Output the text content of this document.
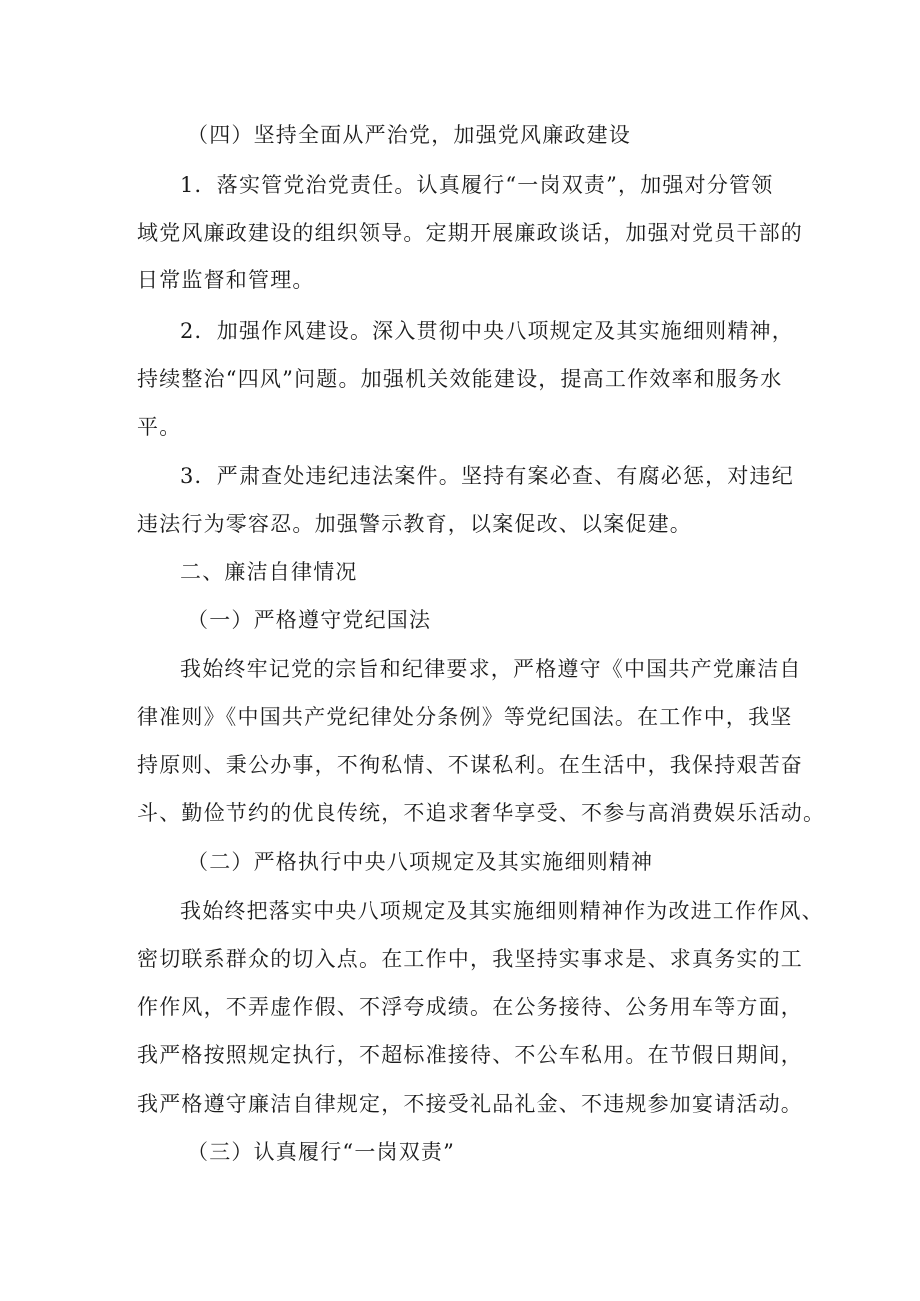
（四）坚持全面从严治党，加强党风廉政建设
1．落实管党治党责任。认真履行“一岗双责”，加强对分管领
域党风廉政建设的组织领导。定期开展廉政谈话，加强对党员干部的
日常监督和管理。
2．加强作风建设。深入贯彻中央八项规定及其实施细则精神，
持续整治“四风”问题。加强机关效能建设，提高工作效率和服务水
平。
3．严肃查处违纪违法案件。坚持有案必查、有腐必惩，对违纪
违法行为零容忍。加强警示教育，以案促改、以案促建。
二、廉洁自律情况
（一）严格遵守党纪国法
我始终牢记党的宗旨和纪律要求，严格遵守《中国共产党廉洁自
律准则》《中国共产党纪律处分条例》等党纪国法。在工作中，我坚
持原则、秉公办事，不徇私情、不谋私利。在生活中，我保持艰苦奋
斗、勤俭节约的优良传统，不追求奢华享受、不参与高消费娱乐活动。
（二）严格执行中央八项规定及其实施细则精神
我始终把落实中央八项规定及其实施细则精神作为改进工作作风、
密切联系群众的切入点。在工作中，我坚持实事求是、求真务实的工
作作风，不弄虚作假、不浮夸成绩。在公务接待、公务用车等方面，
我严格按照规定执行，不超标准接待、不公车私用。在节假日期间，
我严格遵守廉洁自律规定，不接受礼品礼金、不违规参加宴请活动。
（三）认真履行“一岗双责”
